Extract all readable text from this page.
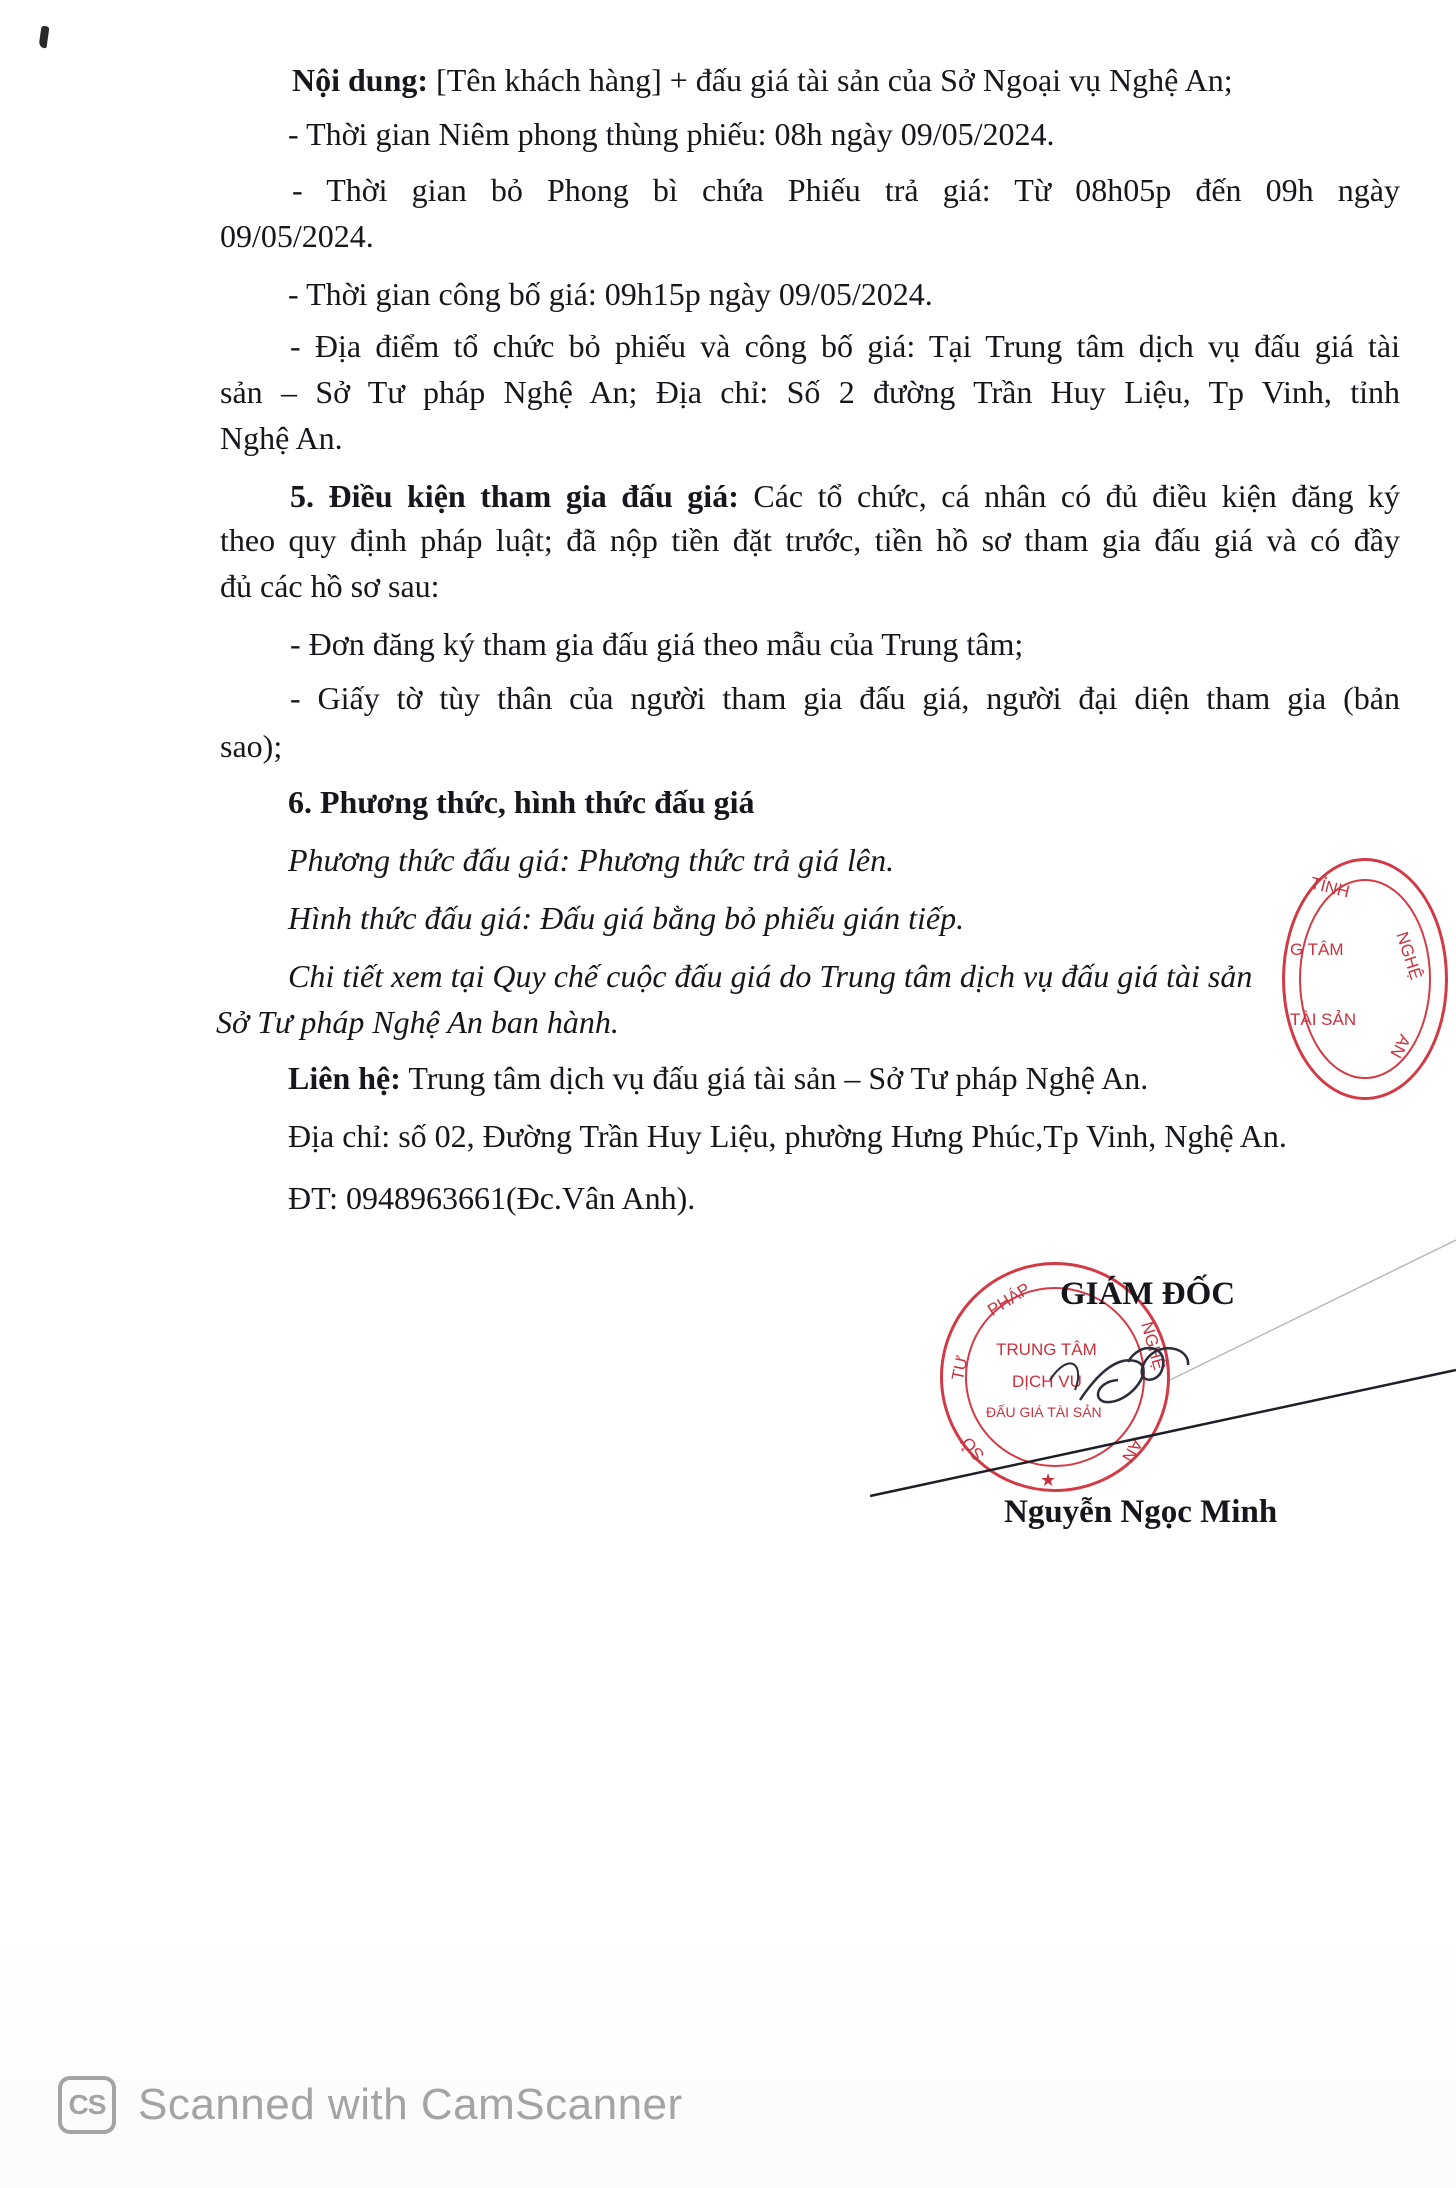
Nội dung: [Tên khách hàng] + đấu giá tài sản của Sở Ngoại vụ Nghệ An;

- Thời gian Niêm phong thùng phiếu: 08h ngày 09/05/2024.

- Thời gian bỏ Phong bì chứa Phiếu trả giá: Từ 08h05p đến 09h ngày

09/05/2024.

- Thời gian công bố giá: 09h15p ngày 09/05/2024.

- Địa điểm tổ chức bỏ phiếu và công bố giá: Tại Trung tâm dịch vụ đấu giá tài

sản – Sở Tư pháp Nghệ An; Địa chỉ: Số 2 đường Trần Huy Liệu, Tp Vinh, tỉnh

Nghệ An.

5. Điều kiện tham gia đấu giá: Các tổ chức, cá nhân có đủ điều kiện đăng ký

theo quy định pháp luật; đã nộp tiền đặt trước, tiền hồ sơ tham gia đấu giá và có đầy

đủ các hồ sơ sau:

- Đơn đăng ký tham gia đấu giá theo mẫu của Trung tâm;

- Giấy tờ tùy thân của người tham gia đấu giá, người đại diện tham gia (bản

sao);

6. Phương thức, hình thức đấu giá

Phương thức đấu giá: Phương thức trả giá lên.

Hình thức đấu giá: Đấu giá bằng bỏ phiếu gián tiếp.

Chi tiết xem tại Quy chế cuộc đấu giá do Trung tâm dịch vụ đấu giá tài sản

Sở Tư pháp Nghệ An ban hành.

Liên hệ: Trung tâm dịch vụ đấu giá tài sản – Sở Tư pháp Nghệ An.

Địa chỉ: số 02, Đường Trần Huy Liệu, phường Hưng Phúc,Tp Vinh, Nghệ An.

ĐT: 0948963661(Đc.Vân Anh).

TỈNH
G TÂM
TÀI SẢN
NGHỆ
AN
PHÁP
TRUNG TÂM
DỊCH VỤ
ĐẤU GIÁ TÀI SẢN
TƯ
SỞ
NGHỆ
AN
★

GIÁM ĐỐC

Nguyễn Ngọc Minh

CS Scanned with CamScanner
